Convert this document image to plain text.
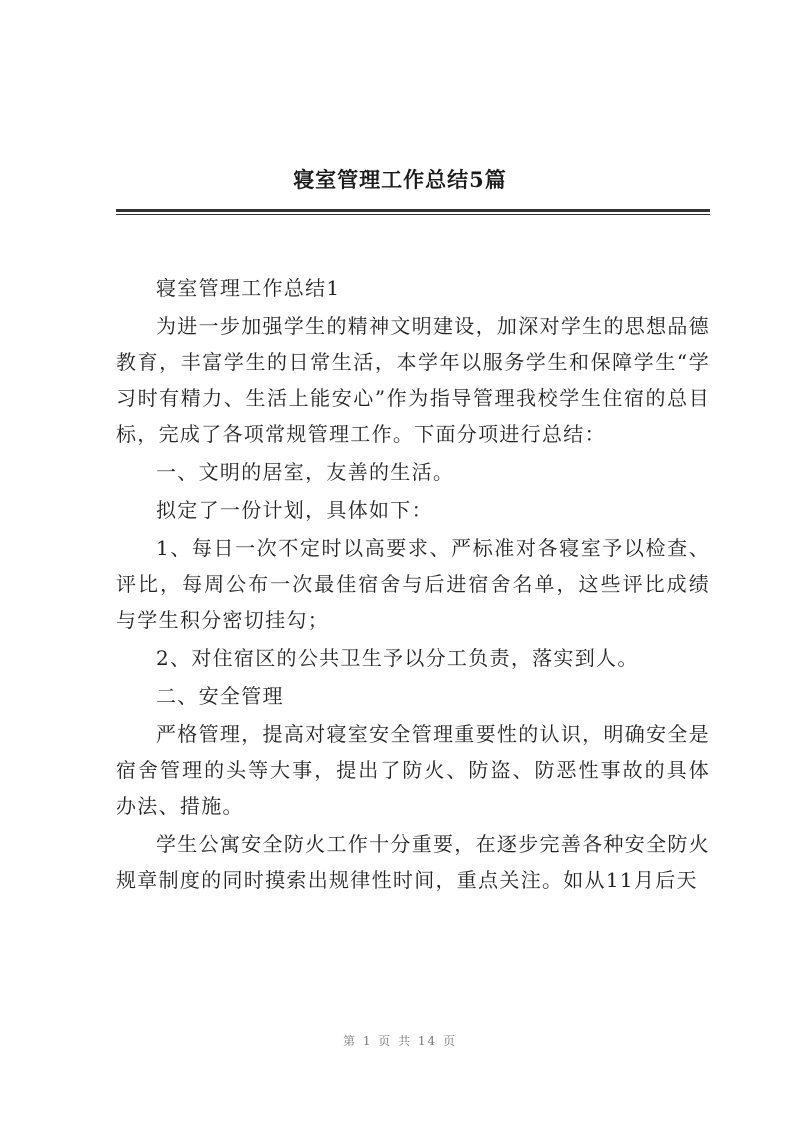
寝室管理工作总结5篇

寝室管理工作总结1

为进一步加强学生的精神文明建设，加深对学生的思想品德教育，丰富学生的日常生活，本学年以服务学生和保障学生“学习时有精力、生活上能安心”作为指导管理我校学生住宿的总目标，完成了各项常规管理工作。下面分项进行总结：

一、文明的居室，友善的生活。

拟定了一份计划，具体如下：

1、每日一次不定时以高要求、严标准对各寝室予以检查、评比，每周公布一次最佳宿舍与后进宿舍名单，这些评比成绩与学生积分密切挂勾；

2、对住宿区的公共卫生予以分工负责，落实到人。

二、安全管理

严格管理，提高对寝室安全管理重要性的认识，明确安全是宿舍管理的头等大事，提出了防火、防盗、防恶性事故的具体办法、措施。

学生公寓安全防火工作十分重要，在逐步完善各种安全防火规章制度的同时摸索出规律性时间，重点关注。如从11月后天

第 1 页 共 14 页
